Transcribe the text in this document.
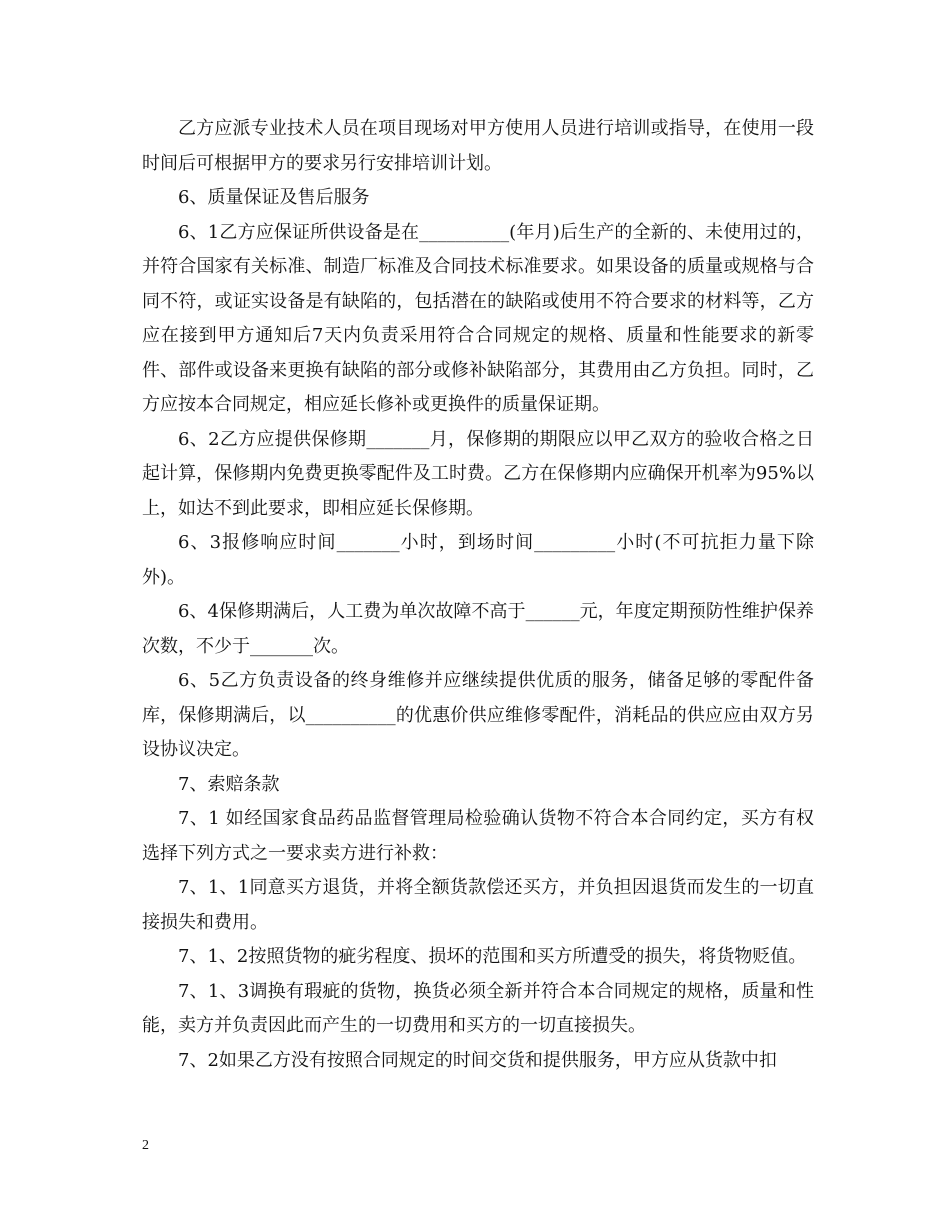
乙方应派专业技术人员在项目现场对甲方使用人员进行培训或指导，在使用一段时间后可根据甲方的要求另行安排培训计划。

6、质量保证及售后服务

6、1乙方应保证所供设备是在__________(年月)后生产的全新的、未使用过的，并符合国家有关标准、制造厂标准及合同技术标准要求。如果设备的质量或规格与合同不符，或证实设备是有缺陷的，包括潜在的缺陷或使用不符合要求的材料等，乙方应在接到甲方通知后7天内负责采用符合合同规定的规格、质量和性能要求的新零件、部件或设备来更换有缺陷的部分或修补缺陷部分，其费用由乙方负担。同时，乙方应按本合同规定，相应延长修补或更换件的质量保证期。

6、2乙方应提供保修期_______月，保修期的期限应以甲乙双方的验收合格之日起计算，保修期内免费更换零配件及工时费。乙方在保修期内应确保开机率为95%以上，如达不到此要求，即相应延长保修期。

6、3报修响应时间_______小时，到场时间_________小时(不可抗拒力量下除外)。

6、4保修期满后，人工费为单次故障不高于______元，年度定期预防性维护保养次数，不少于_______次。

6、5乙方负责设备的终身维修并应继续提供优质的服务，储备足够的零配件备库，保修期满后，以__________的优惠价供应维修零配件，消耗品的供应应由双方另设协议决定。

7、索赔条款

7、1 如经国家食品药品监督管理局检验确认货物不符合本合同约定，买方有权选择下列方式之一要求卖方进行补救：

7、1、1同意买方退货，并将全额货款偿还买方，并负担因退货而发生的一切直接损失和费用。

7、1、2按照货物的疵劣程度、损坏的范围和买方所遭受的损失，将货物贬值。

7、1、3调换有瑕疵的货物，换货必须全新并符合本合同规定的规格，质量和性能，卖方并负责因此而产生的一切费用和买方的一切直接损失。

7、2如果乙方没有按照合同规定的时间交货和提供服务，甲方应从货款中扣

2
